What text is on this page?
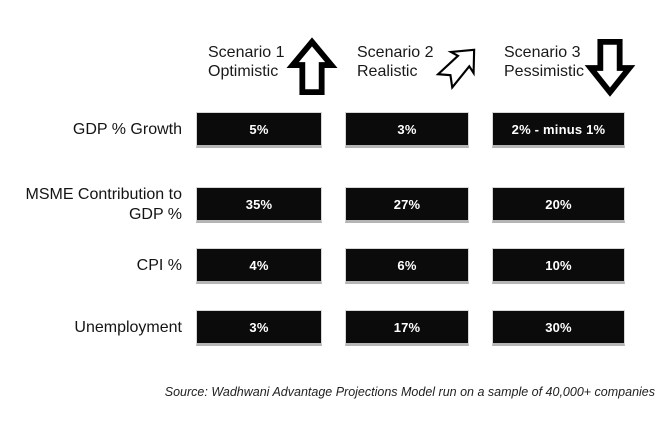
Scenario 1
Optimistic
Scenario 2
Realistic
Scenario 3
Pessimistic
GDP % Growth	5%	3%	2% - minus 1%
MSME Contribution to GDP %
35%	27%	20%
CPI %	4%	6%	10%
Unemployment	3%	17%	30%
Source: Wadhwani Advantage Projections Model run on a sample of 40,000+ companies
